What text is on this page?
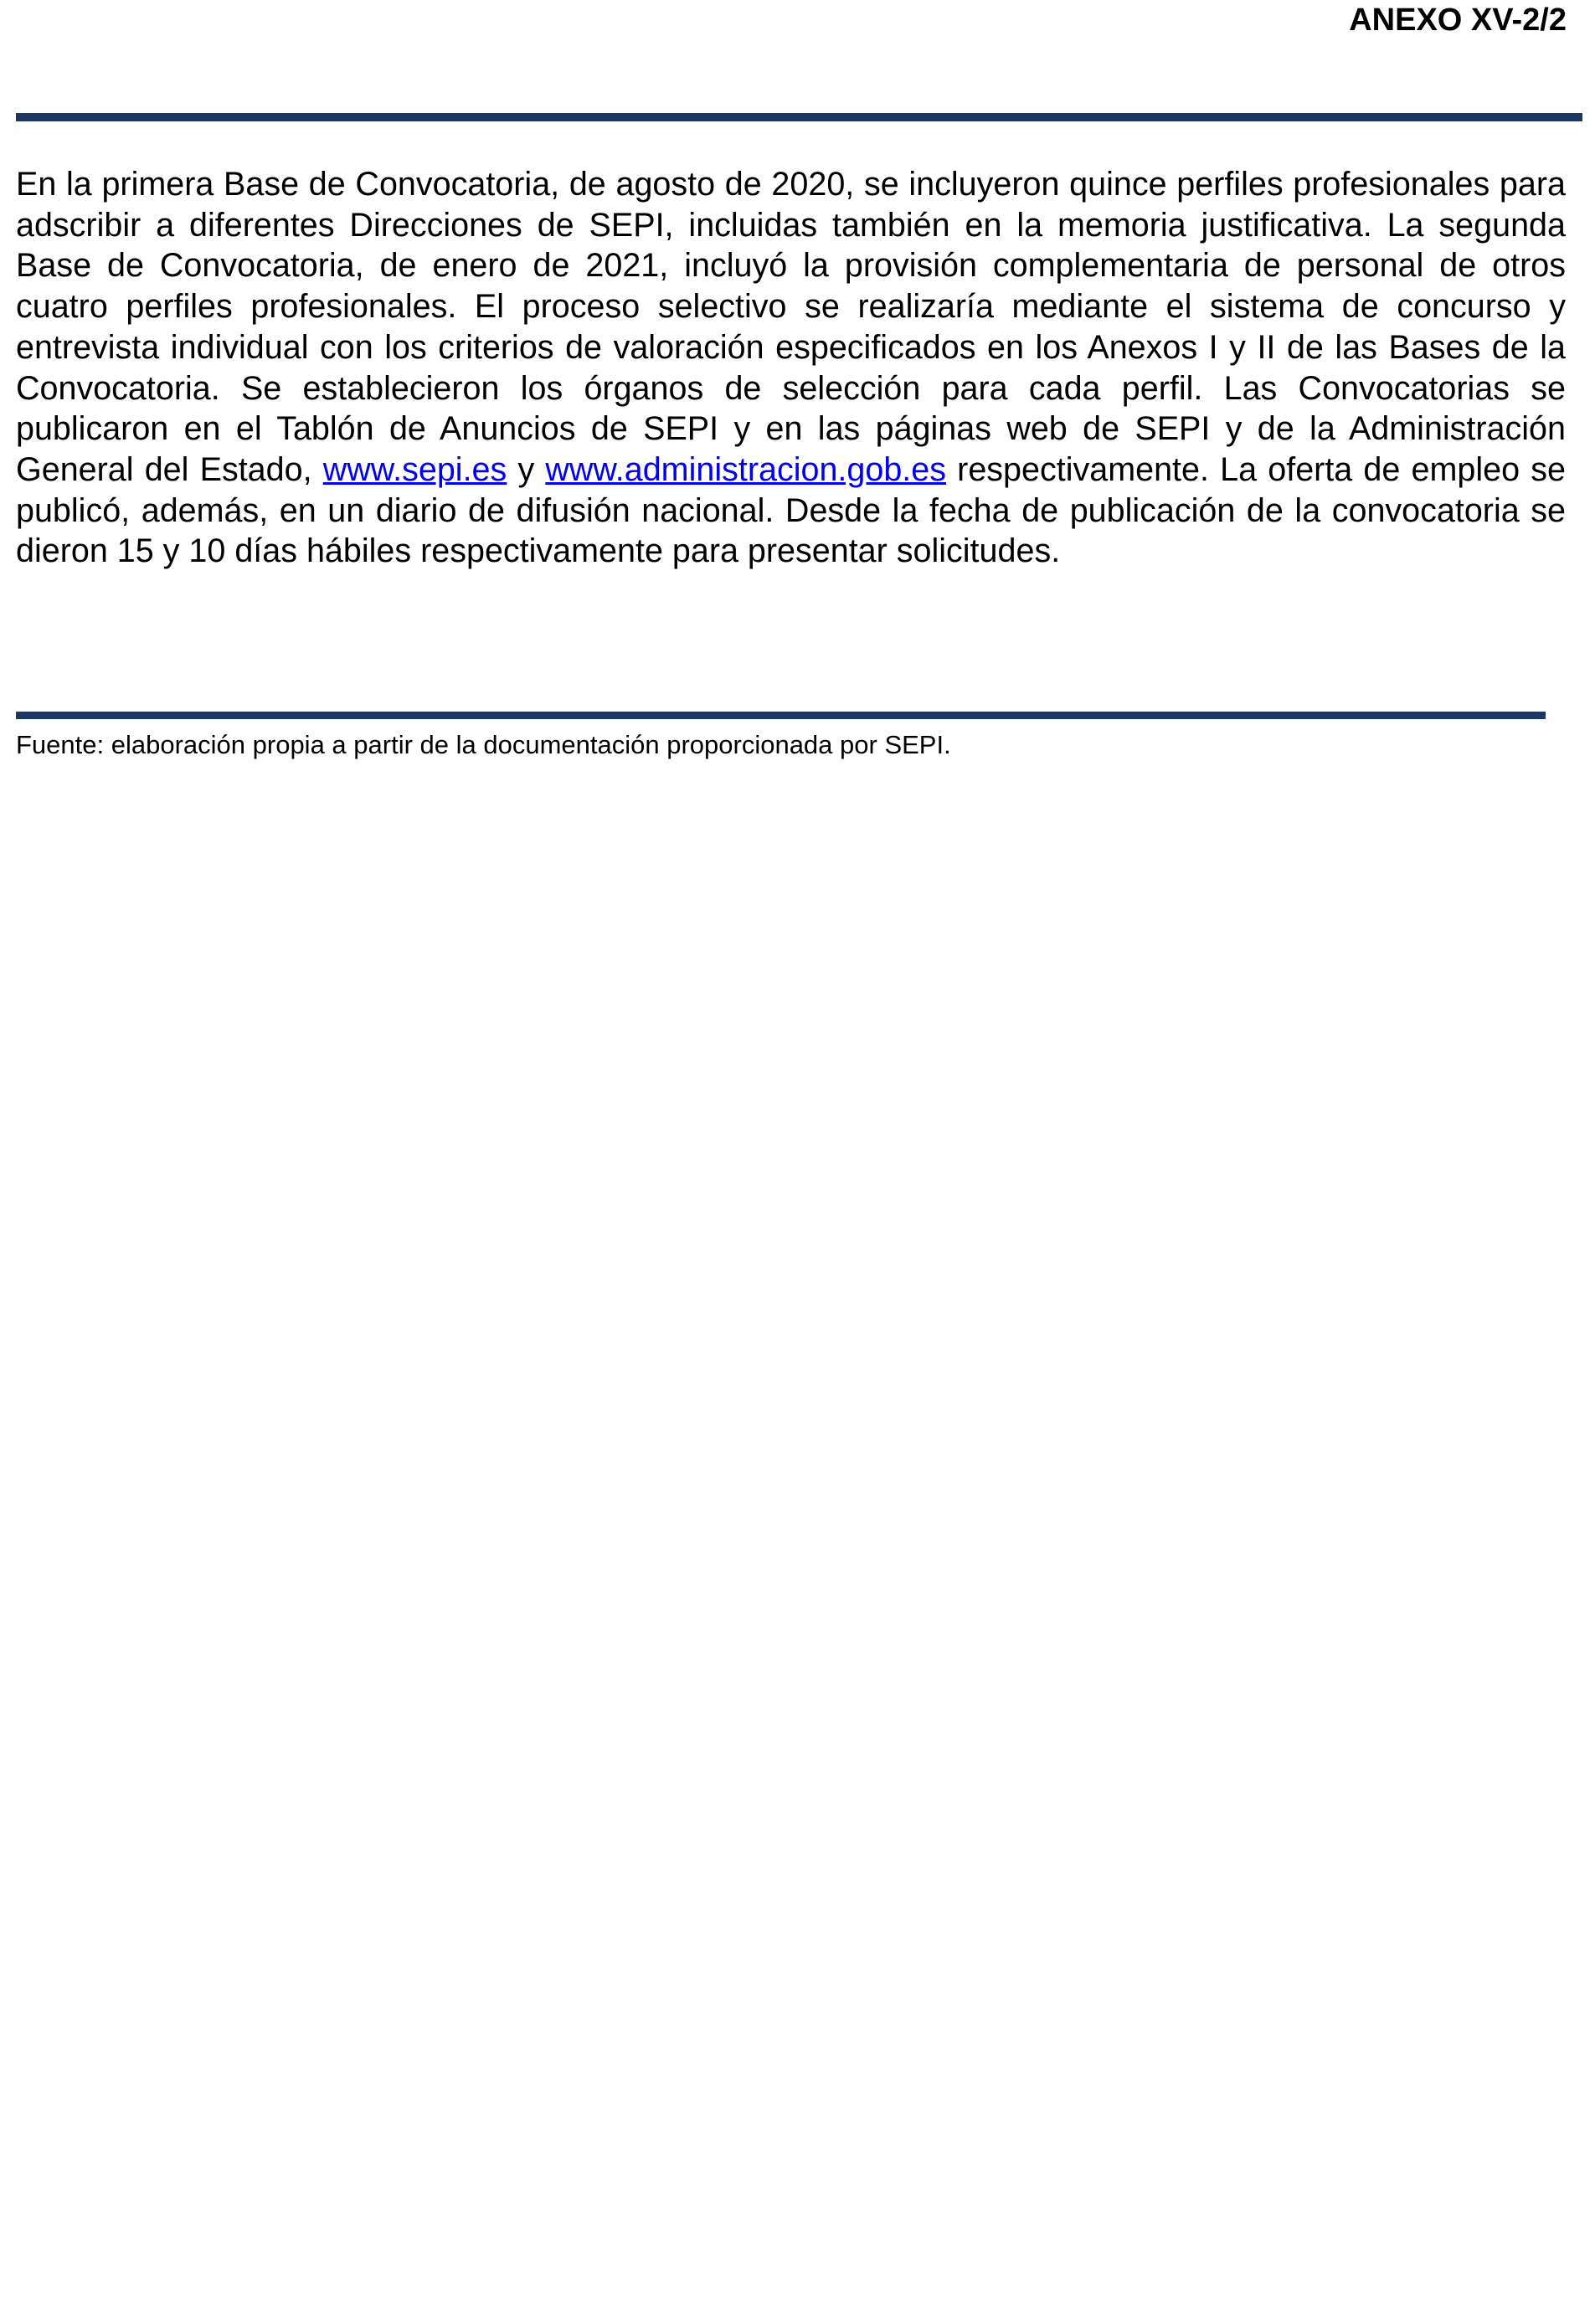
ANEXO XV-2/2

En la primera Base de Convocatoria, de agosto de 2020, se incluyeron quince perfiles profesionales para adscribir a diferentes Direcciones de SEPI, incluidas también en la memoria justificativa. La segunda Base de Convocatoria, de enero de 2021, incluyó la provisión complementaria de personal de otros cuatro perfiles profesionales. El proceso selectivo se realizaría mediante el sistema de concurso y entrevista individual con los criterios de valoración especificados en los Anexos I y II de las Bases de la Convocatoria. Se establecieron los órganos de selección para cada perfil. Las Convocatorias se publicaron en el Tablón de Anuncios de SEPI y en las páginas web de SEPI y de la Administración General del Estado, www.sepi.es y www.administracion.gob.es respectivamente. La oferta de empleo se publicó, además, en un diario de difusión nacional. Desde la fecha de publicación de la convocatoria se dieron 15 y 10 días hábiles respectivamente para presentar solicitudes.

Fuente: elaboración propia a partir de la documentación proporcionada por SEPI.
